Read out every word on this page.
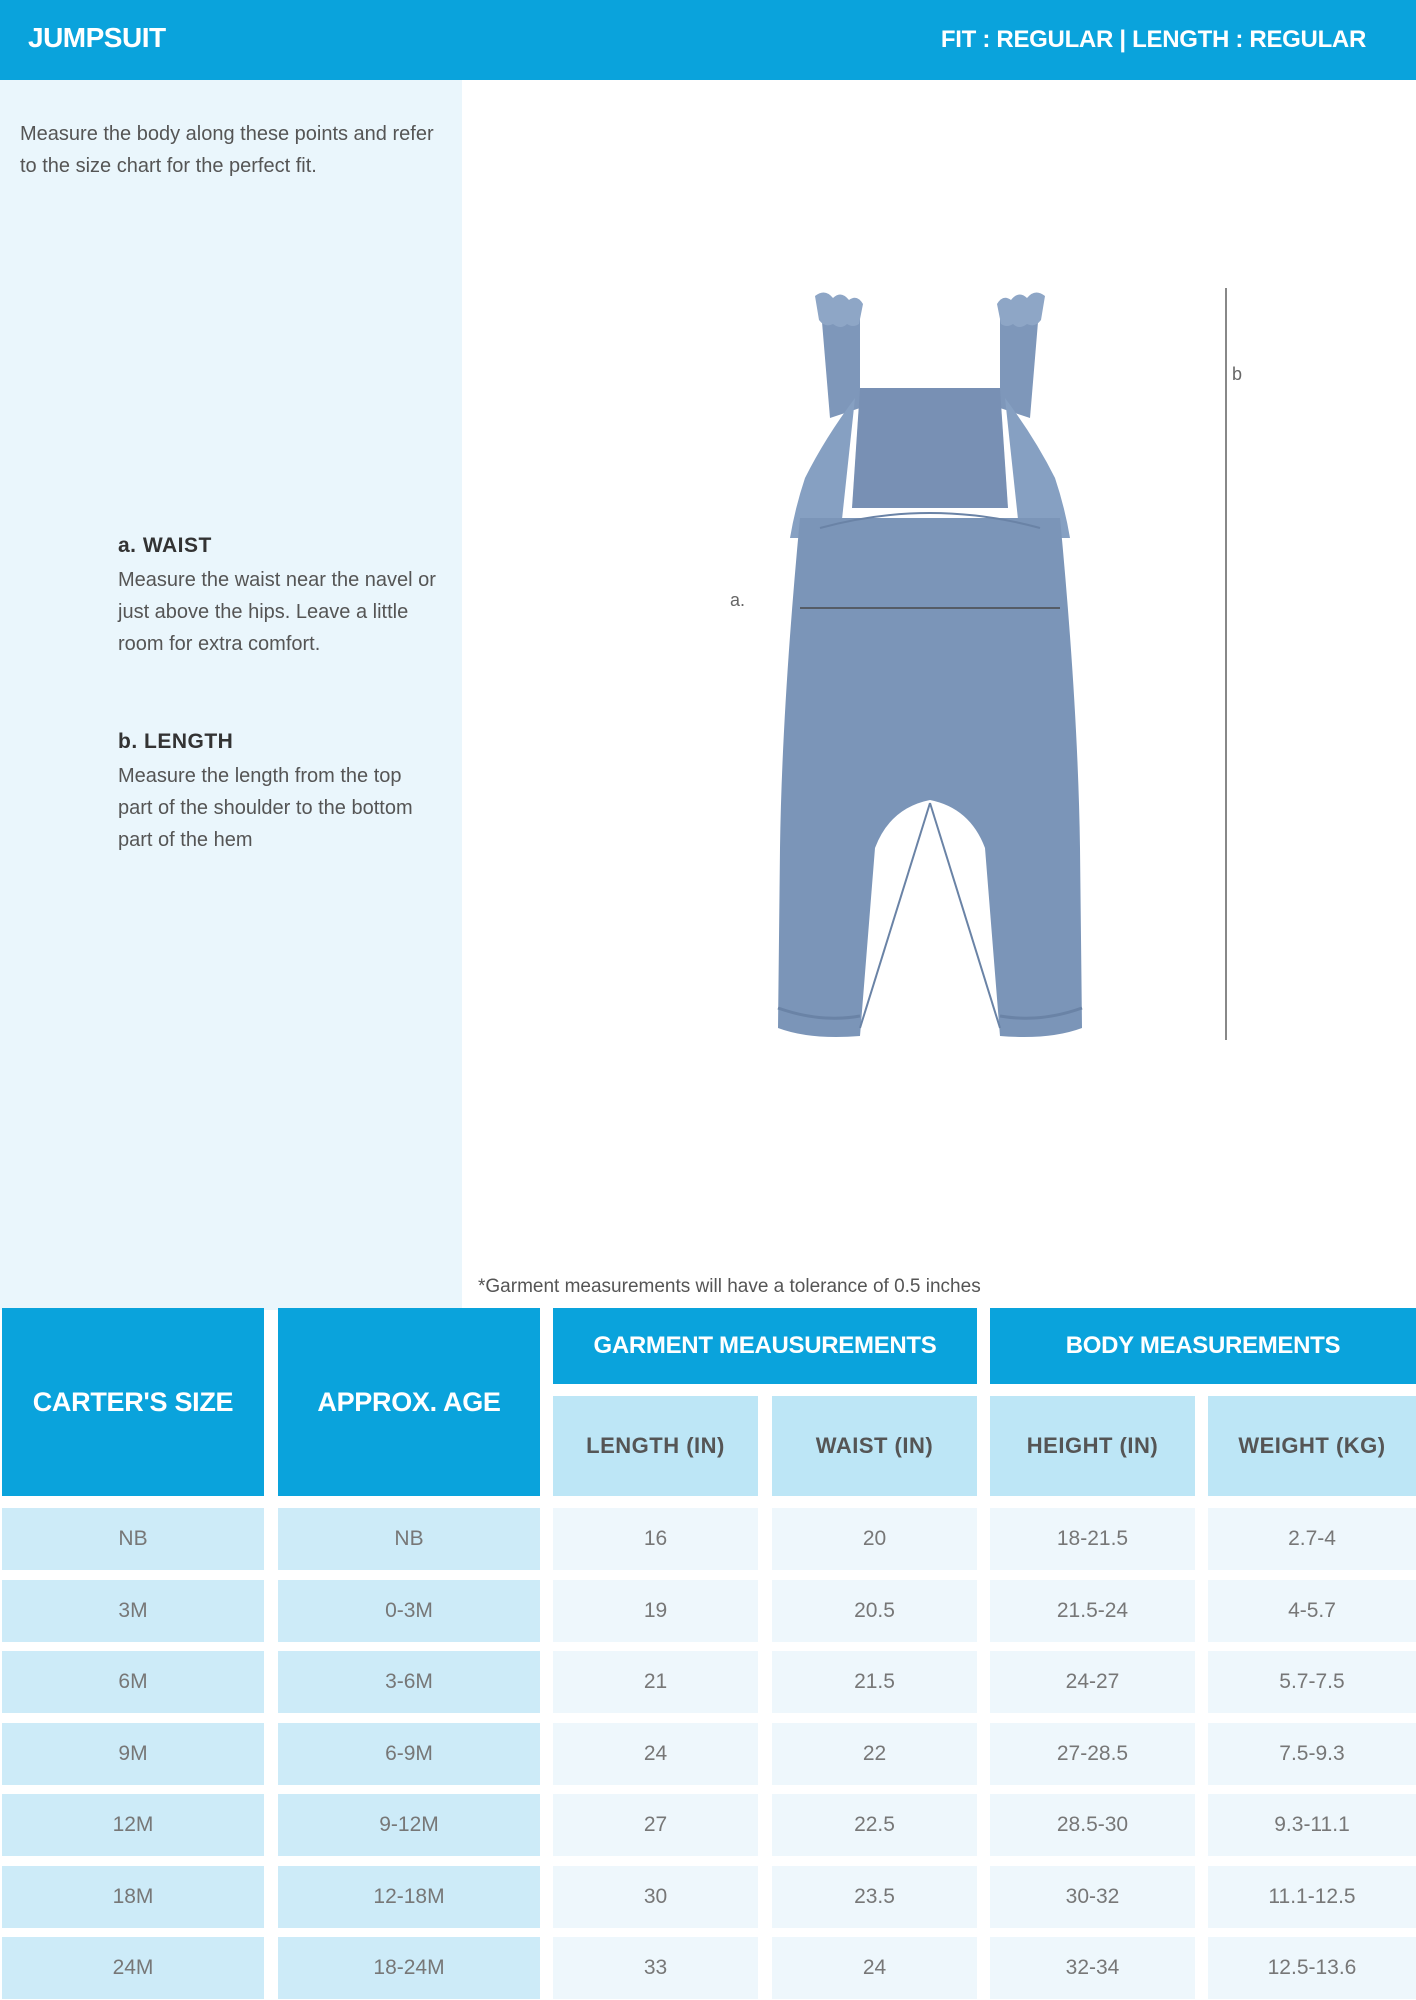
JUMPSUIT	FIT : REGULAR | LENGTH : REGULAR
Measure the body along these points and refer to the size chart for the perfect fit.
a. WAIST

Measure the waist near the navel or just above the hips. Leave a little room for extra comfort.

b. LENGTH

Measure the length from the top part of the shoulder to the bottom part of the hem

a.
b
*Garment measurements will have a tolerance of 0.5 inches
CARTER'S SIZE	APPROX. AGE
GARMENT MEAUSUREMENTS	BODY MEASUREMENTS
LENGTH (IN)	WAIST (IN)	HEIGHT (IN)	WEIGHT (KG)
NB	NB	16	20	18-21.5	2.7-4
3M	0-3M	19	20.5	21.5-24	4-5.7
6M	3-6M	21	21.5	24-27	5.7-7.5
9M	6-9M	24	22	27-28.5	7.5-9.3
12M	9-12M	27	22.5	28.5-30	9.3-11.1
18M	12-18M	30	23.5	30-32	11.1-12.5
24M	18-24M	33	24	32-34	12.5-13.6
